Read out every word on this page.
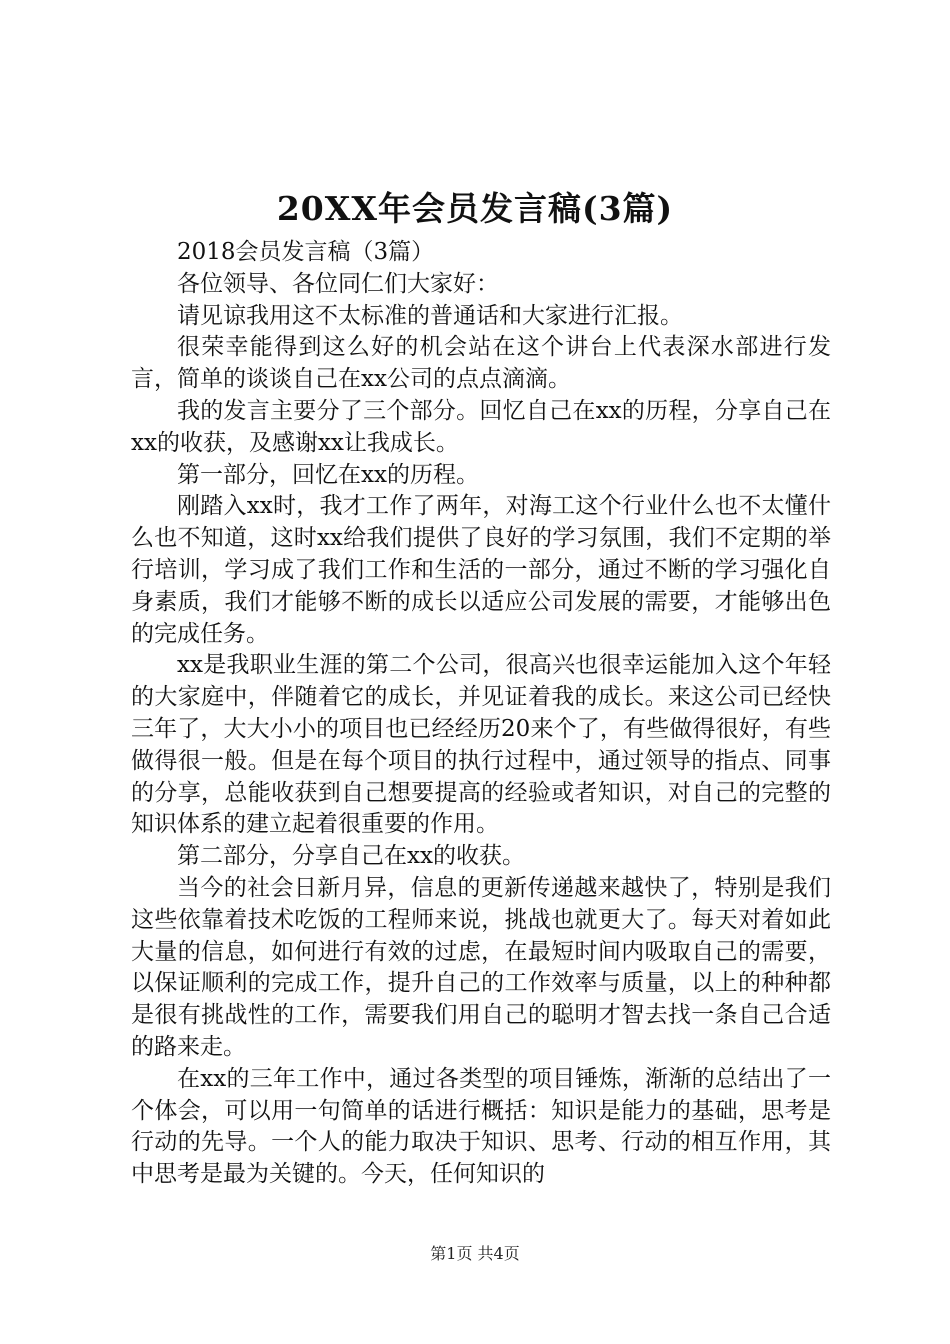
20XX年会员发言稿(3篇)

2018会员发言稿（3篇）

各位领导、各位同仁们大家好：

请见谅我用这不太标准的普通话和大家进行汇报。

很荣幸能得到这么好的机会站在这个讲台上代表深水部进行发言，简单的谈谈自己在xx公司的点点滴滴。

我的发言主要分了三个部分。回忆自己在xx的历程，分享自己在xx的收获，及感谢xx让我成长。

第一部分，回忆在xx的历程。

刚踏入xx时，我才工作了两年，对海工这个行业什么也不太懂什么也不知道，这时xx给我们提供了良好的学习氛围，我们不定期的举行培训，学习成了我们工作和生活的一部分，通过不断的学习强化自身素质，我们才能够不断的成长以适应公司发展的需要，才能够出色的完成任务。

xx是我职业生涯的第二个公司，很高兴也很幸运能加入这个年轻的大家庭中，伴随着它的成长，并见证着我的成长。来这公司已经快三年了，大大小小的项目也已经经历20来个了，有些做得很好，有些做得很一般。但是在每个项目的执行过程中，通过领导的指点、同事的分享，总能收获到自己想要提高的经验或者知识，对自己的完整的知识体系的建立起着很重要的作用。

第二部分，分享自己在xx的收获。

当今的社会日新月异，信息的更新传递越来越快了，特别是我们这些依靠着技术吃饭的工程师来说，挑战也就更大了。每天对着如此大量的信息，如何进行有效的过虑，在最短时间内吸取自己的需要，以保证顺利的完成工作，提升自己的工作效率与质量，以上的种种都是很有挑战性的工作，需要我们用自己的聪明才智去找一条自己合适的路来走。

在xx的三年工作中，通过各类型的项目锤炼，渐渐的总结出了一个体会，可以用一句简单的话进行概括：知识是能力的基础，思考是行动的先导。一个人的能力取决于知识、思考、行动的相互作用，其中思考是最为关键的。今天，任何知识的

第1页 共4页
